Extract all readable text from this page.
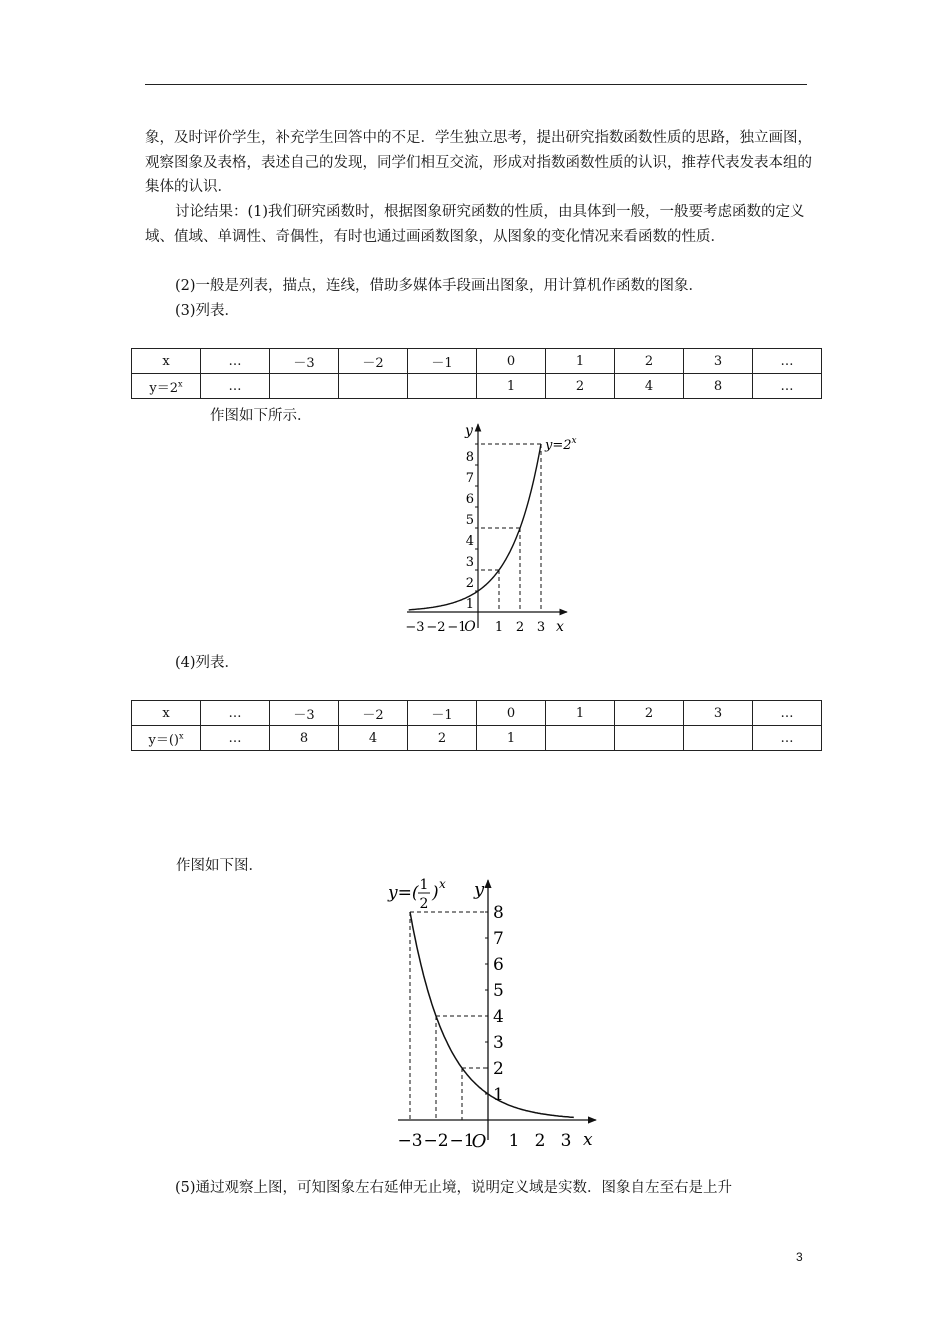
象，及时评价学生，补充学生回答中的不足．学生独立思考，提出研究指数函数性质的思路，独立画图，观察图象及表格，表述自己的发现，同学们相互交流，形成对指数函数性质的认识，推荐代表发表本组的集体的认识．

讨论结果：(1)我们研究函数时，根据图象研究函数的性质，由具体到一般，一般要考虑函数的定义域、值域、单调性、奇偶性，有时也通过画函数图象，从图象的变化情况来看函数的性质．

(2)一般是列表，描点，连线，借助多媒体手段画出图象，用计算机作函数的图象．

(3)列表．

x	…	－3	－2	－1	0	1	2	3	…
$y=2^x$	…				1	2	4	8	…
作图如下所示．
1
2
3
4
5
6
7
8
−3 −2 −1 1 2 3
O	x
y
$y=2^x$
(4)列表．
x	…	－3	－2	－1	0	1	2	3	…
y＝()$^x$	…	8	4	2	1				…
作图如下图．
1
2
3
4
5
6
7
8
−3 −2 −1 1 2 3
O	x
y
y=( 1
2
) x
(5)通过观察上图，可知图象左右延伸无止境，说明定义域是实数．图象自左至右是上升
3
